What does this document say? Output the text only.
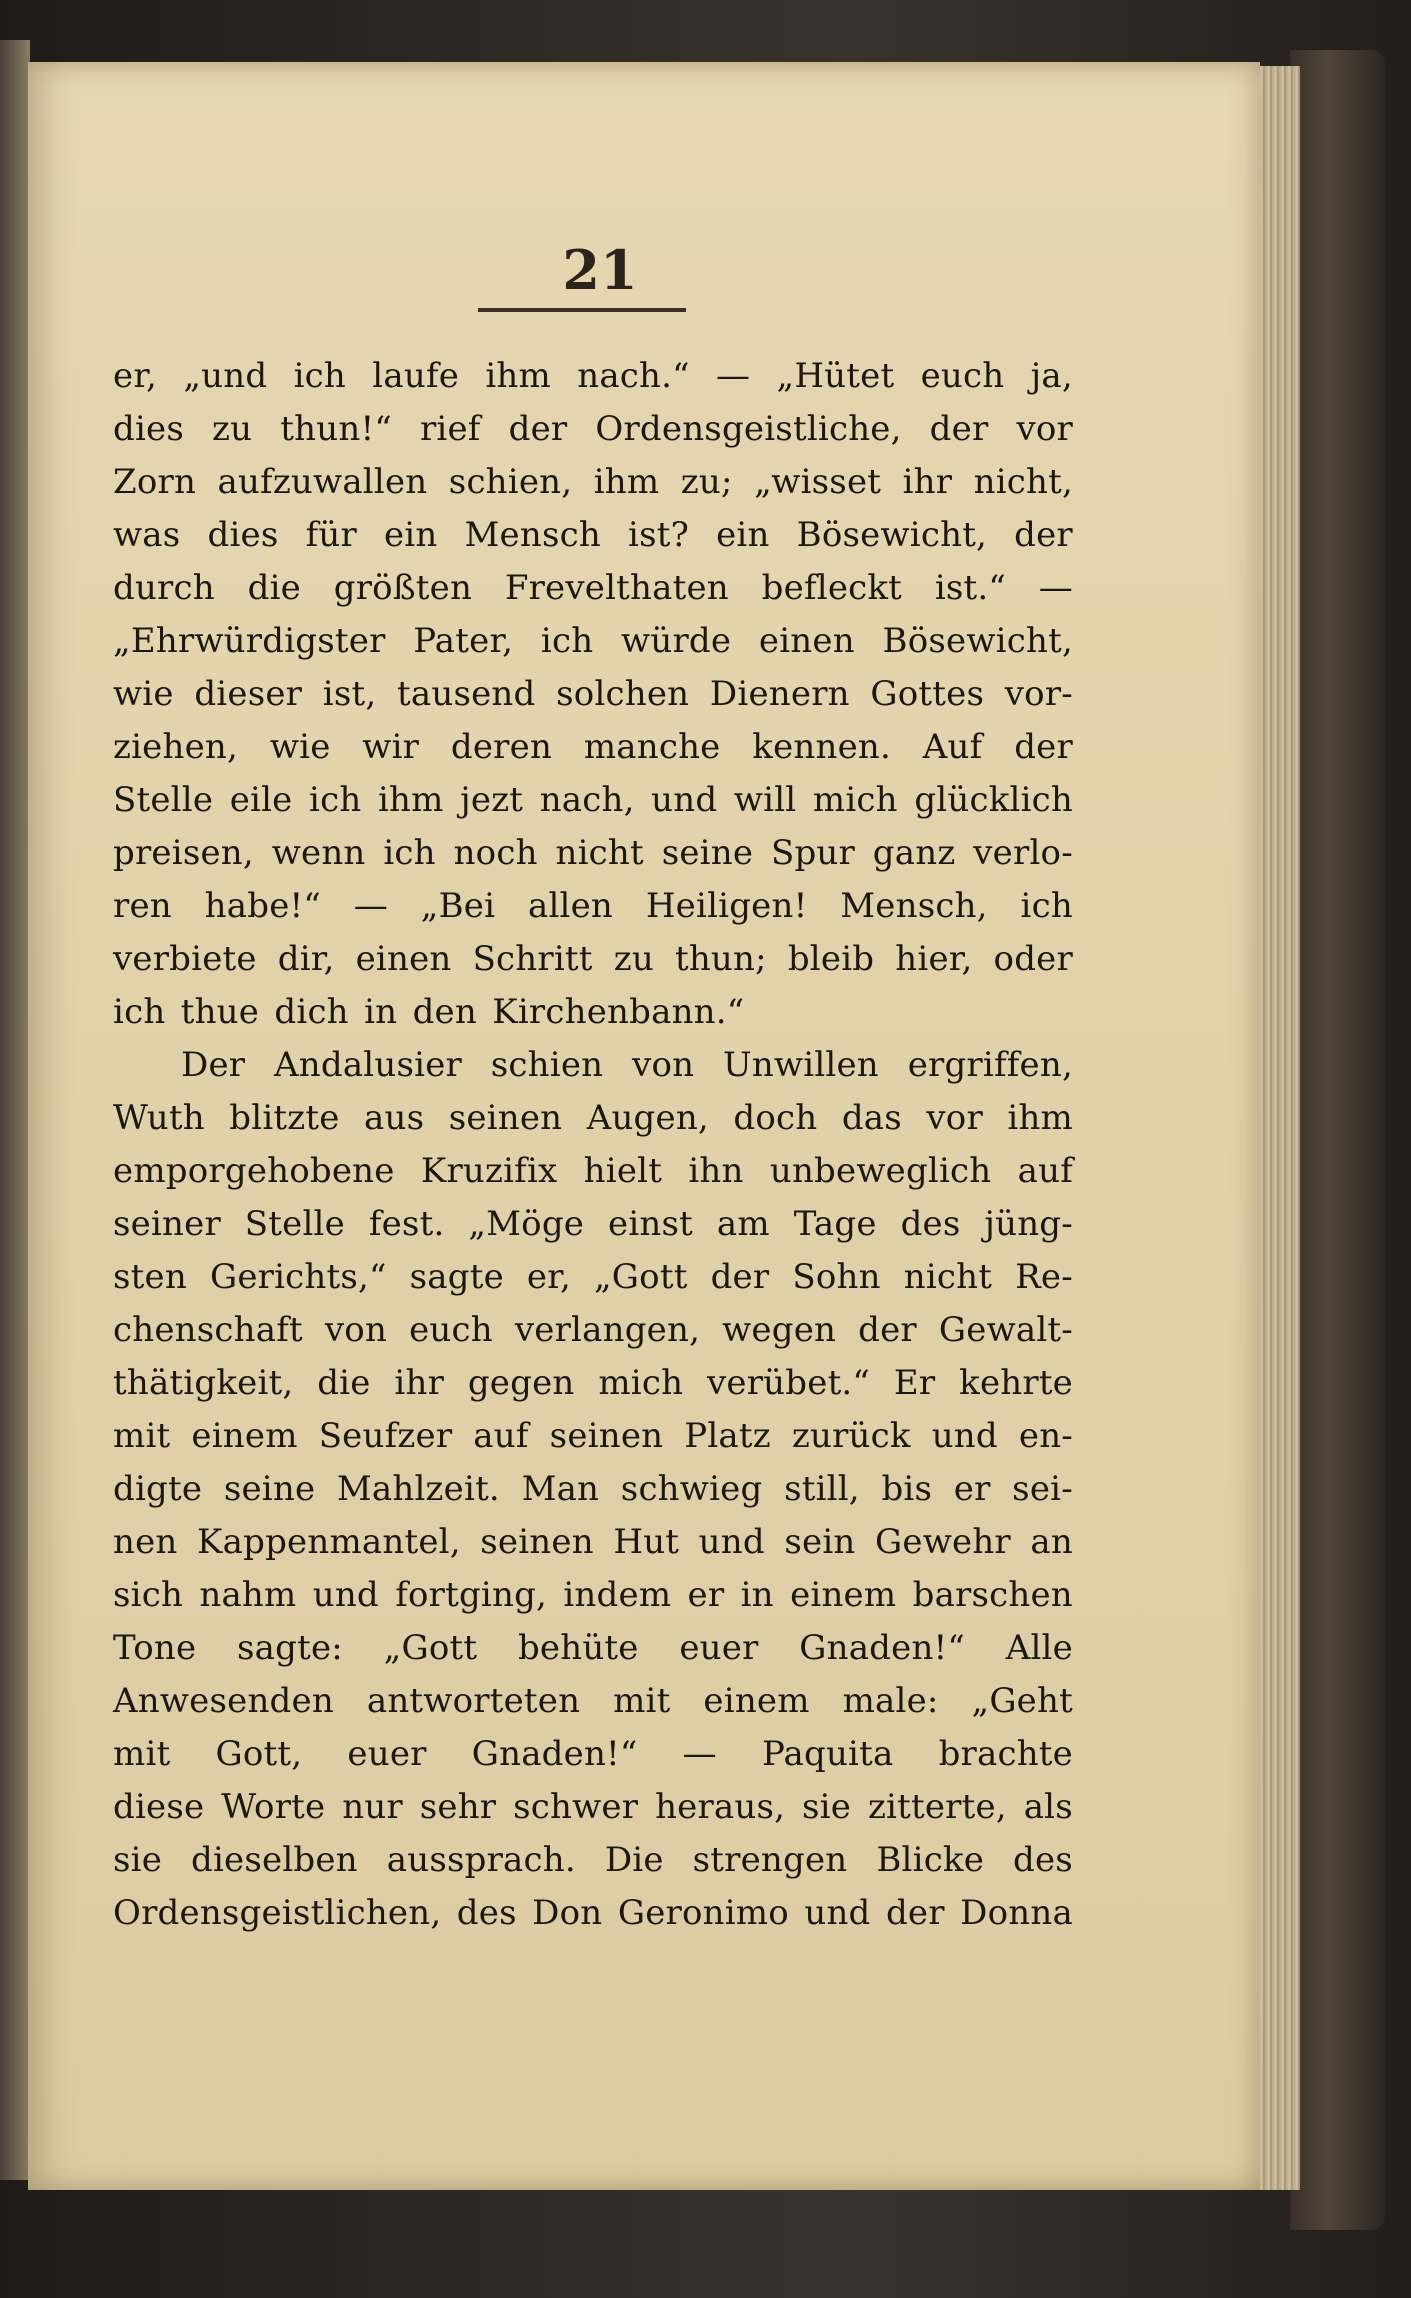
21
er, „und ich laufe ihm nach.“ — „Hütet euch ja,
dies zu thun!“ rief der Ordensgeistliche, der vor
Zorn aufzuwallen schien, ihm zu; „wisset ihr nicht,
was dies für ein Mensch ist? ein Bösewicht, der
durch die größten Frevelthaten befleckt ist.“ —
„Ehrwürdigster Pater, ich würde einen Bösewicht,
wie dieser ist, tausend solchen Dienern Gottes vor-
ziehen, wie wir deren manche kennen. Auf der
Stelle eile ich ihm jezt nach, und will mich glücklich
preisen, wenn ich noch nicht seine Spur ganz verlo-
ren habe!“ — „Bei allen Heiligen! Mensch, ich
verbiete dir, einen Schritt zu thun; bleib hier, oder
ich thue dich in den Kirchenbann.“
Der Andalusier schien von Unwillen ergriffen,
Wuth blitzte aus seinen Augen, doch das vor ihm
emporgehobene Kruzifix hielt ihn unbeweglich auf
seiner Stelle fest. „Möge einst am Tage des jüng-
sten Gerichts,“ sagte er, „Gott der Sohn nicht Re-
chenschaft von euch verlangen, wegen der Gewalt-
thätigkeit, die ihr gegen mich verübet.“ Er kehrte
mit einem Seufzer auf seinen Platz zurück und en-
digte seine Mahlzeit. Man schwieg still, bis er sei-
nen Kappenmantel, seinen Hut und sein Gewehr an
sich nahm und fortging, indem er in einem barschen
Tone sagte: „Gott behüte euer Gnaden!“ Alle
Anwesenden antworteten mit einem male: „Geht
mit Gott, euer Gnaden!“ — Paquita brachte
diese Worte nur sehr schwer heraus, sie zitterte, als
sie dieselben aussprach. Die strengen Blicke des
Ordensgeistlichen, des Don Geronimo und der Donna
